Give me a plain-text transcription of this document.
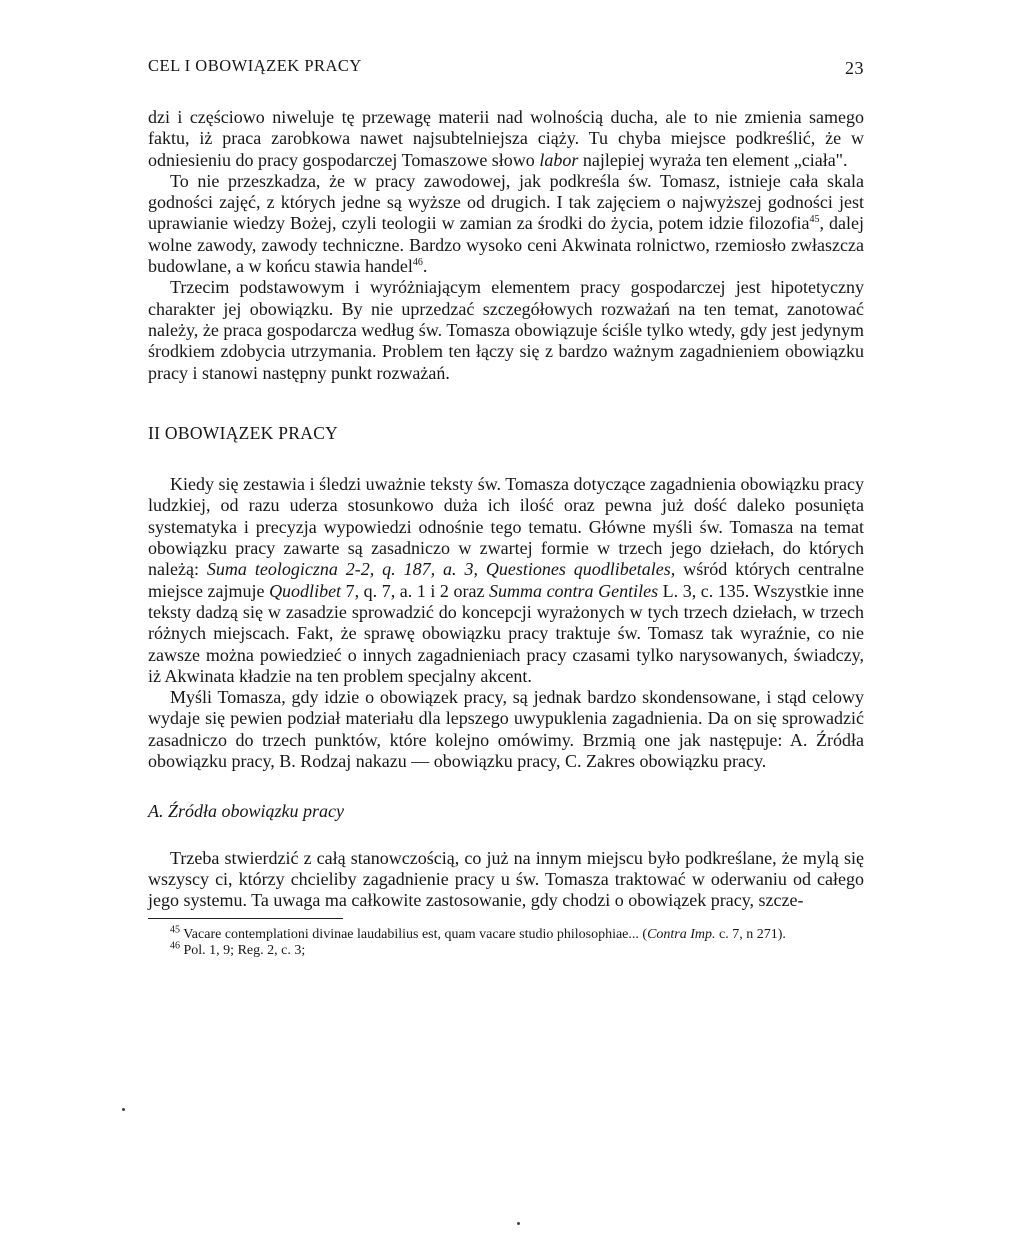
CEL I OBOWIĄZEK PRACY	23

dzi i częściowo niweluje tę przewagę materii nad wolnością ducha, ale to nie zmienia samego faktu, iż praca zarobkowa nawet najsubtelniejsza ciąży. Tu chyba miejsce podkreślić, że w odniesieniu do pracy gospodarczej Tomaszowe słowo labor najlepiej wyraża ten element „ciała".

To nie przeszkadza, że w pracy zawodowej, jak podkreśla św. Tomasz, istnieje cała skala godności zajęć, z których jedne są wyższe od drugich. I tak zajęciem o najwyższej godności jest uprawianie wiedzy Bożej, czyli teologii w zamian za środki do życia, potem idzie filozofia$^{45}$, dalej wolne zawody, zawody techniczne. Bardzo wysoko ceni Akwinata rolnictwo, rzemiosło zwłaszcza budowlane, a w końcu stawia handel$^{46}$.

Trzecim podstawowym i wyróżniającym elementem pracy gospodarczej jest hipotetyczny charakter jej obowiązku. By nie uprzedzać szczegółowych rozważań na ten temat, zanotować należy, że praca gospodarcza według św. Tomasza obowiązuje ściśle tylko wtedy, gdy jest jedynym środkiem zdobycia utrzymania. Problem ten łączy się z bardzo ważnym zagadnieniem obowiązku pracy i stanowi następny punkt rozważań.

II OBOWIĄZEK PRACY

Kiedy się zestawia i śledzi uważnie teksty św. Tomasza dotyczące zagadnienia obowiązku pracy ludzkiej, od razu uderza stosunkowo duża ich ilość oraz pewna już dość daleko posunięta systematyka i precyzja wypowiedzi odnośnie tego tematu. Główne myśli św. Tomasza na temat obowiązku pracy zawarte są zasadniczo w zwartej formie w trzech jego dziełach, do których należą: Suma teologiczna 2-2, q. 187, a. 3, Questiones quodlibetales, wśród których centralne miejsce zajmuje Quodlibet 7, q. 7, a. 1 i 2 oraz Summa contra Gentiles L. 3, c. 135. Wszystkie inne teksty dadzą się w zasadzie sprowadzić do koncepcji wyrażonych w tych trzech dziełach, w trzech różnych miejscach. Fakt, że sprawę obowiązku pracy traktuje św. Tomasz tak wyraźnie, co nie zawsze można powiedzieć o innych zagadnieniach pracy czasami tylko narysowanych, świadczy, iż Akwinata kładzie na ten problem specjalny akcent.

Myśli Tomasza, gdy idzie o obowiązek pracy, są jednak bardzo skondensowane, i stąd celowy wydaje się pewien podział materiału dla lepszego uwypuklenia zagadnienia. Da on się sprowadzić zasadniczo do trzech punktów, które kolejno omówimy. Brzmią one jak następuje: A. Źródła obowiązku pracy, B. Rodzaj nakazu — obowiązku pracy, C. Zakres obowiązku pracy.

A. Źródła obowiązku pracy

Trzeba stwierdzić z całą stanowczością, co już na innym miejscu było podkreślane, że mylą się wszyscy ci, którzy chcieliby zagadnienie pracy u św. Tomasza traktować w oderwaniu od całego jego systemu. Ta uwaga ma całkowite zastosowanie, gdy chodzi o obowiązek pracy, szcze-

$^{45}$ Vacare contemplationi divinae laudabilius est, quam vacare studio philosophiae... (Contra Imp. c. 7, n 271).

$^{46}$ Pol. 1, 9; Reg. 2, c. 3;
